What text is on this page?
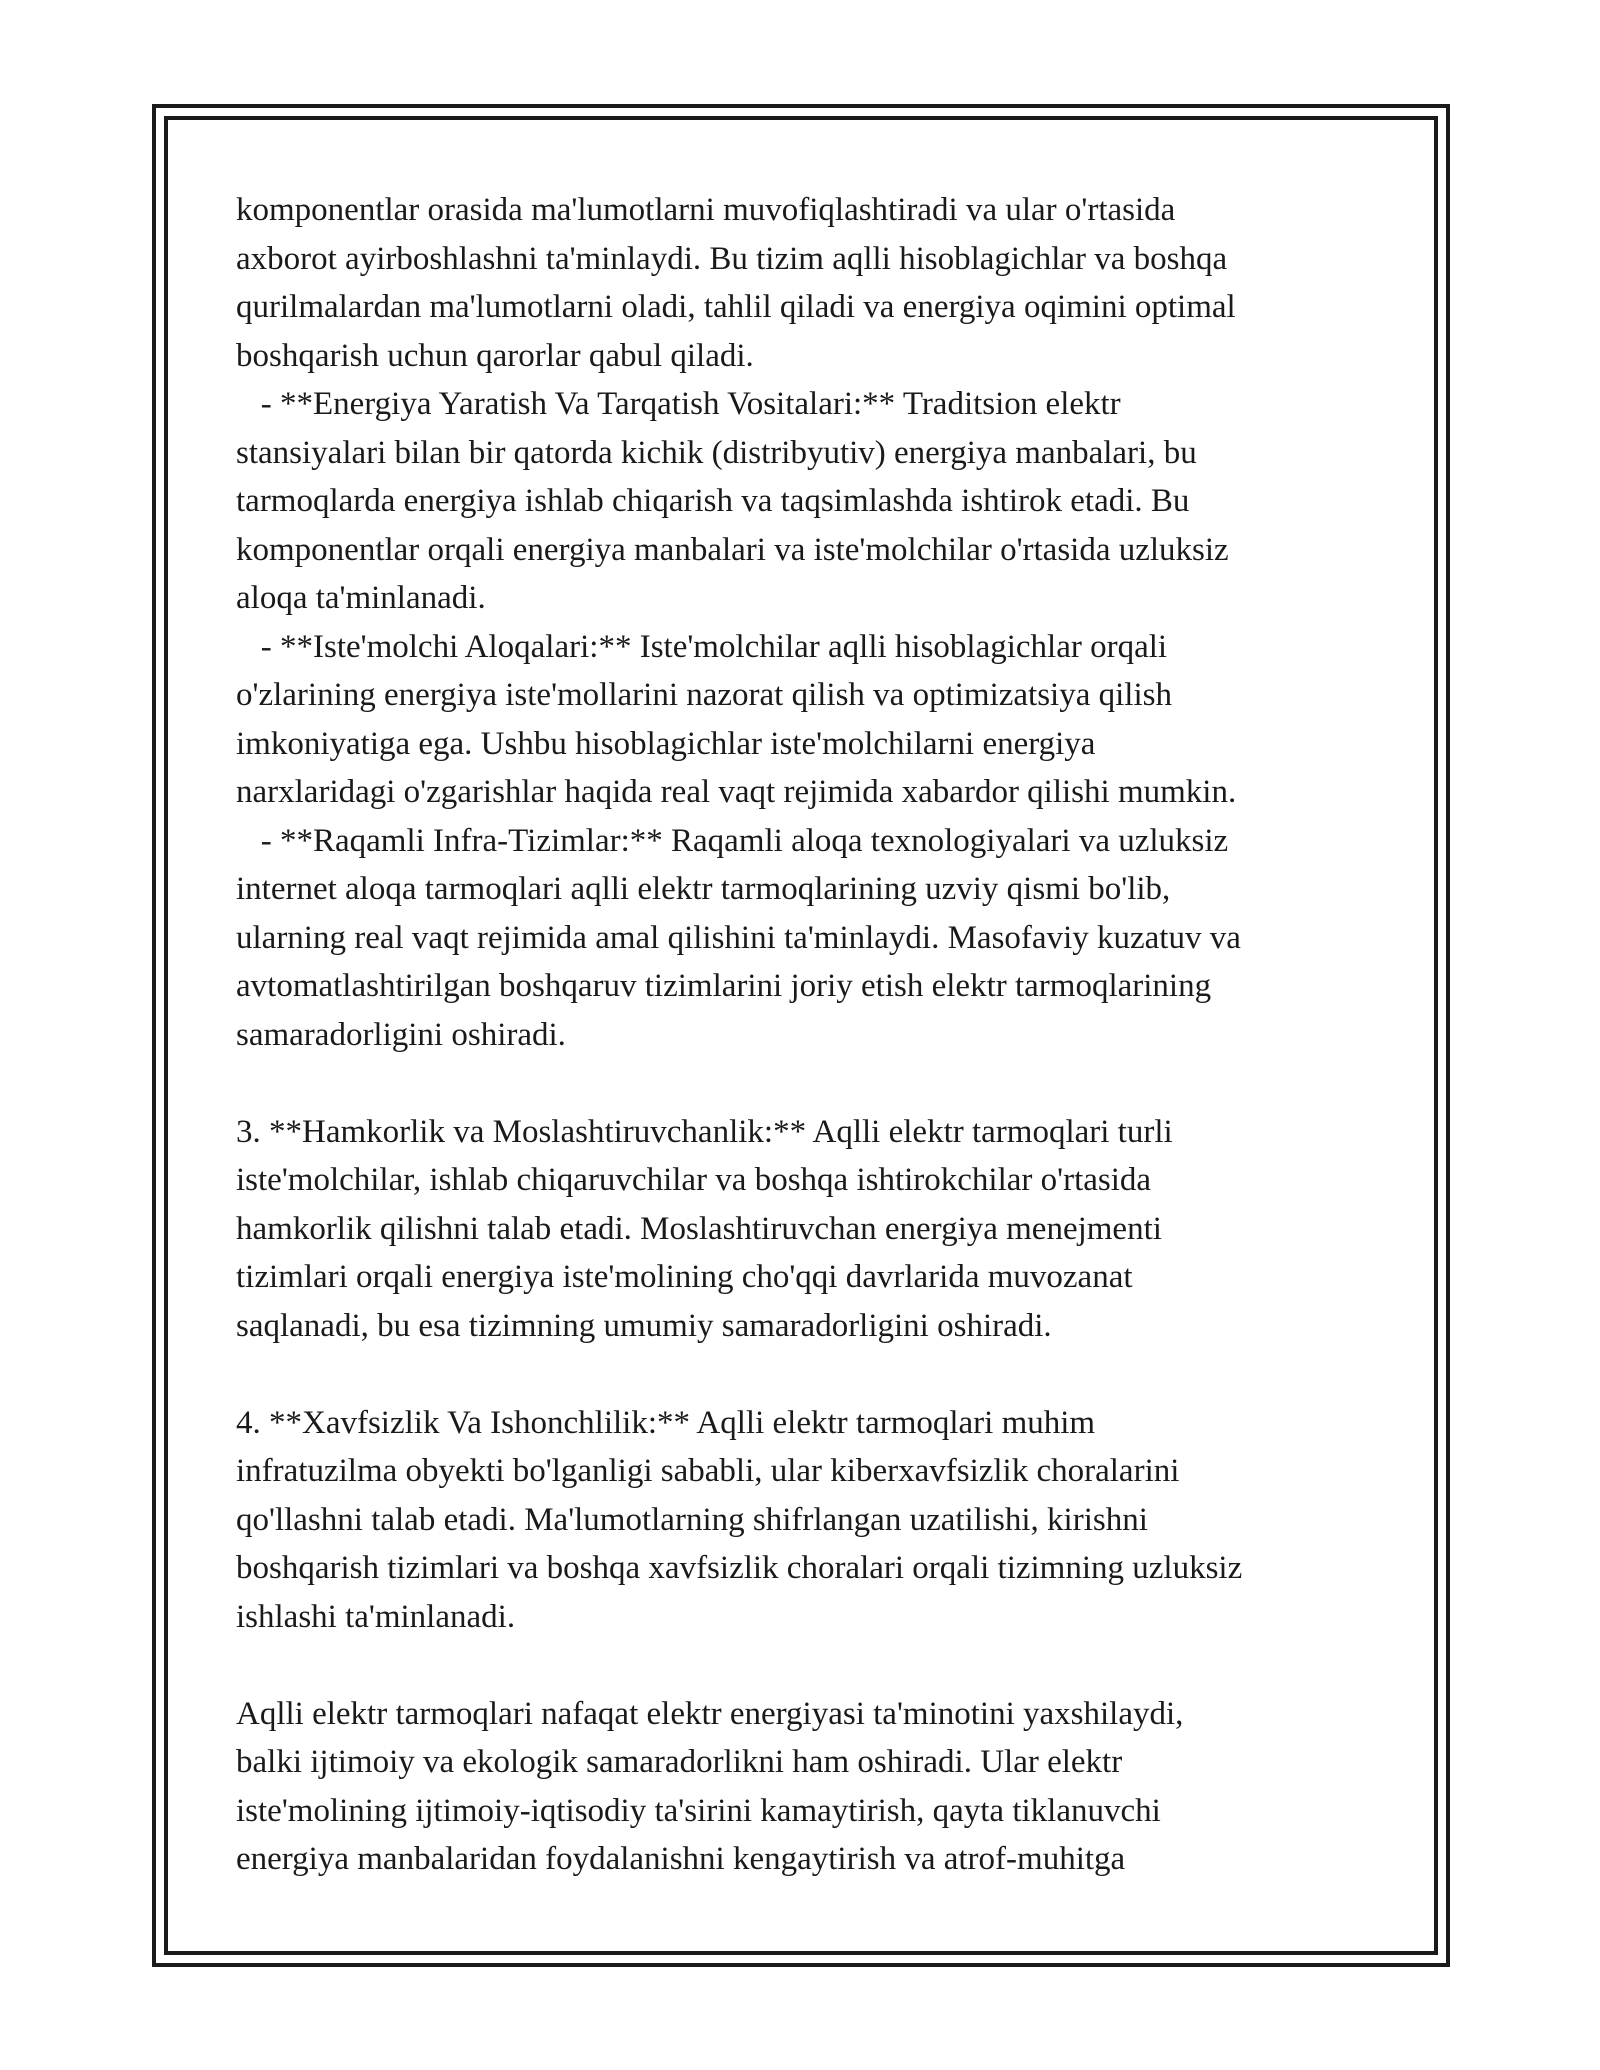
komponentlar orasida ma'lumotlarni muvofiqlashtiradi va ular o'rtasida

axborot ayirboshlashni ta'minlaydi. Bu tizim aqlli hisoblagichlar va boshqa

qurilmalardan ma'lumotlarni oladi, tahlil qiladi va energiya oqimini optimal

boshqarish uchun qarorlar qabul qiladi.

- **Energiya Yaratish Va Tarqatish Vositalari:** Traditsion elektr

stansiyalari bilan bir qatorda kichik (distribyutiv) energiya manbalari, bu

tarmoqlarda energiya ishlab chiqarish va taqsimlashda ishtirok etadi. Bu

komponentlar orqali energiya manbalari va iste'molchilar o'rtasida uzluksiz

aloqa ta'minlanadi.

- **Iste'molchi Aloqalari:** Iste'molchilar aqlli hisoblagichlar orqali

o'zlarining energiya iste'mollarini nazorat qilish va optimizatsiya qilish

imkoniyatiga ega. Ushbu hisoblagichlar iste'molchilarni energiya

narxlaridagi o'zgarishlar haqida real vaqt rejimida xabardor qilishi mumkin.

- **Raqamli Infra-Tizimlar:** Raqamli aloqa texnologiyalari va uzluksiz

internet aloqa tarmoqlari aqlli elektr tarmoqlarining uzviy qismi bo'lib,

ularning real vaqt rejimida amal qilishini ta'minlaydi. Masofaviy kuzatuv va

avtomatlashtirilgan boshqaruv tizimlarini joriy etish elektr tarmoqlarining

samaradorligini oshiradi.

3. **Hamkorlik va Moslashtiruvchanlik:** Aqlli elektr tarmoqlari turli

iste'molchilar, ishlab chiqaruvchilar va boshqa ishtirokchilar o'rtasida

hamkorlik qilishni talab etadi. Moslashtiruvchan energiya menejmenti

tizimlari orqali energiya iste'molining cho'qqi davrlarida muvozanat

saqlanadi, bu esa tizimning umumiy samaradorligini oshiradi.

4. **Xavfsizlik Va Ishonchlilik:** Aqlli elektr tarmoqlari muhim

infratuzilma obyekti bo'lganligi sababli, ular kiberxavfsizlik choralarini

qo'llashni talab etadi. Ma'lumotlarning shifrlangan uzatilishi, kirishni

boshqarish tizimlari va boshqa xavfsizlik choralari orqali tizimning uzluksiz

ishlashi ta'minlanadi.

Aqlli elektr tarmoqlari nafaqat elektr energiyasi ta'minotini yaxshilaydi,

balki ijtimoiy va ekologik samaradorlikni ham oshiradi. Ular elektr

iste'molining ijtimoiy-iqtisodiy ta'sirini kamaytirish, qayta tiklanuvchi

energiya manbalaridan foydalanishni kengaytirish va atrof-muhitga
